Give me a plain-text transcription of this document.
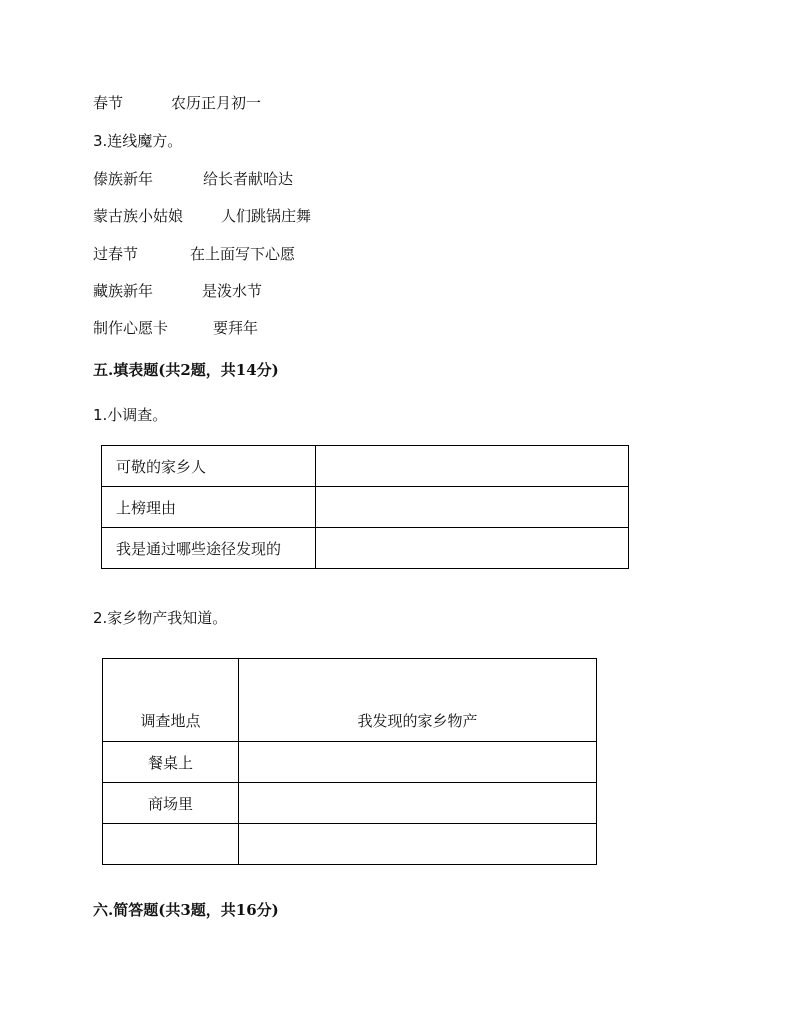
春节	农历正月初一
3.连线魔方。
傣族新年	给长者献哈达
蒙古族小姑娘	人们跳锅庄舞
过春节	在上面写下心愿
藏族新年	是泼水节
制作心愿卡	要拜年
五.填表题(共2题，共14分)
1.小调查。
可敬的家乡人	
上榜理由	
我是通过哪些途径发现的	
2.家乡物产我知道。
调查地点	我发现的家乡物产
餐桌上	
商场里	

六.简答题(共3题，共16分)
